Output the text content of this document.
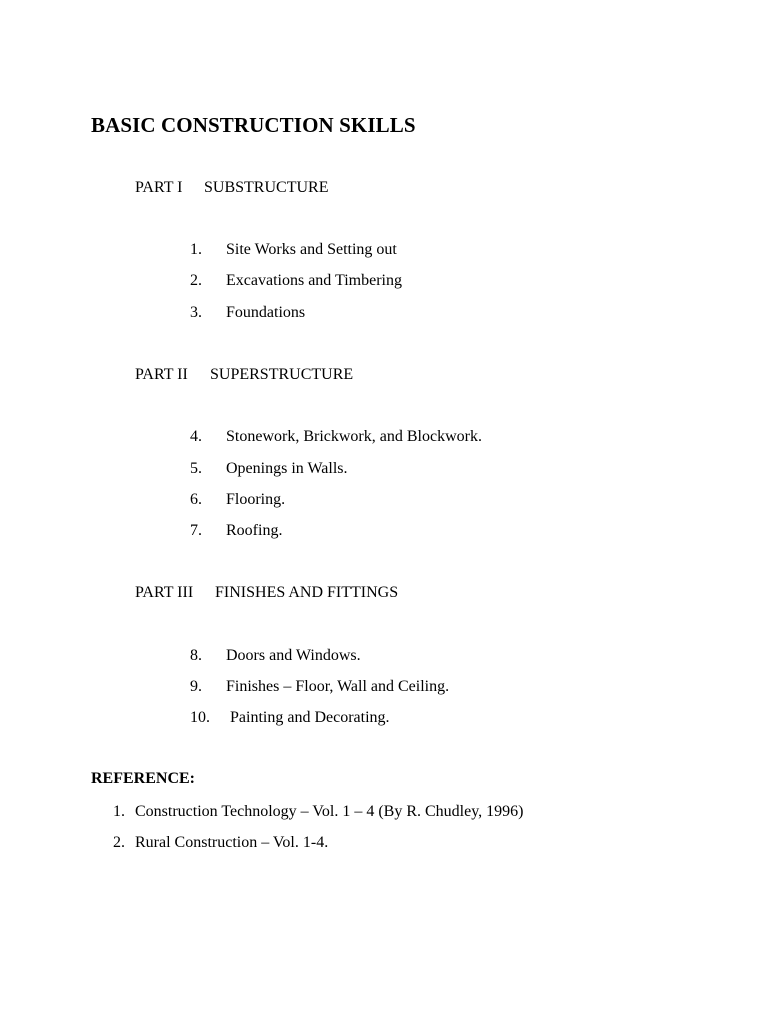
BASIC CONSTRUCTION SKILLS
PART I SUBSTRUCTURE
1. Site Works and Setting out
2. Excavations and Timbering
3. Foundations
PART II SUPERSTRUCTURE
4. Stonework, Brickwork, and Blockwork.
5. Openings in Walls.
6. Flooring.
7. Roofing.
PART III FINISHES AND FITTINGS
8. Doors and Windows.
9. Finishes – Floor, Wall and Ceiling.
10. Painting and Decorating.
REFERENCE:
1. Construction Technology – Vol. 1 – 4 (By R. Chudley, 1996)
2. Rural Construction – Vol. 1-4.
